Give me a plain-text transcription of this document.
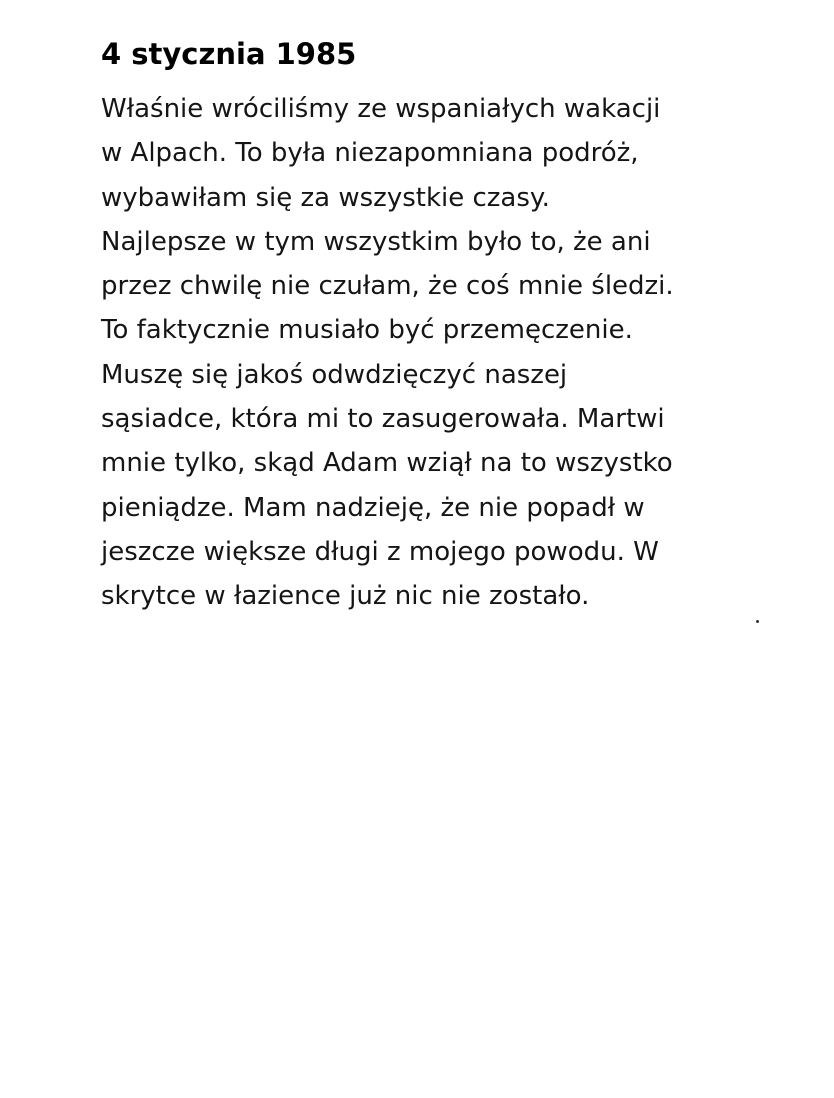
4 stycznia 1985

Właśnie wróciliśmy ze wspaniałych wakacji
w Alpach. To była niezapomniana podróż,
wybawiłam się za wszystkie czasy.
Najlepsze w tym wszystkim było to, że ani
przez chwilę nie czułam, że coś mnie śledzi.
To faktycznie musiało być przemęczenie.
Muszę się jakoś odwdzięczyć naszej
sąsiadce, która mi to zasugerowała. Martwi
mnie tylko, skąd Adam wziął na to wszystko
pieniądze. Mam nadzieję, że nie popadł w
jeszcze większe długi z mojego powodu. W
skrytce w łazience już nic nie zostało.
